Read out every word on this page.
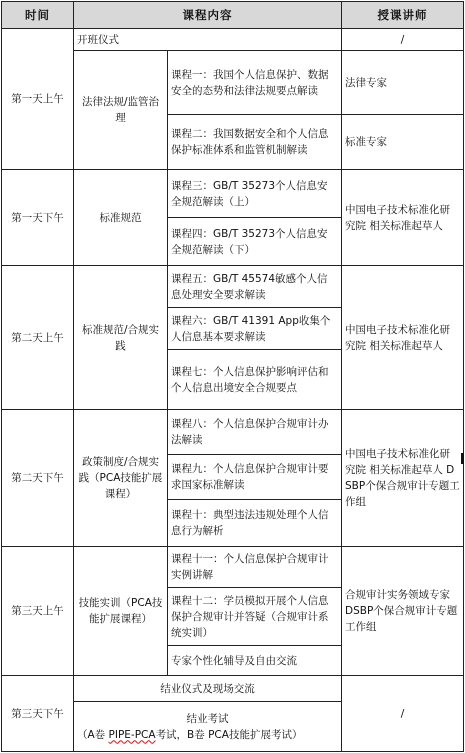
时间	课程内容		授课讲师
第一天上午	开班仪式		/
	法律法规/监管治理	课程一：我国个人信息保护、数据安全的态势和法律法规要点解读	法律专家
		课程二：我国数据安全和个人信息保护标准体系和监管机制解读	标准专家
第一天下午	标准规范	课程三：GB/T 35273个人信息安全规范解读（上）	中国电子技术标准化研究院 相关标准起草人
		课程四：GB/T 35273个人信息安全规范解读（下）	
第二天上午	标准规范/合规实践	课程五：GB/T 45574敏感个人信息处理安全要求解读	中国电子技术标准化研究院 相关标准起草人
		课程六：GB/T 41391 App收集个人信息基本要求解读	
		课程七：个人信息保护影响评估和个人信息出境安全合规要点	
第二天下午	政策制度/合规实践（PCA技能扩展课程）	课程八：个人信息保护合规审计办法解读	中国电子技术标准化研究院 相关标准起草人 DSBP个保合规审计专题工作组
		课程九：个人信息保护合规审计要求国家标准解读	
		课程十：典型违法违规处理个人信息行为解析	
第三天上午	技能实训（PCA技能扩展课程）	课程十一：个人信息保护合规审计实例讲解	合规审计实务领域专家 DSBP个保合规审计专题工作组
		课程十二：学员模拟开展个人信息保护合规审计并答疑（合规审计系统实训）	
		专家个性化辅导及自由交流	
第三天下午	结业仪式及现场交流		/

	结业考试
（A卷 PIPE-PCA考试，B卷 PCA技能扩展考试）		
